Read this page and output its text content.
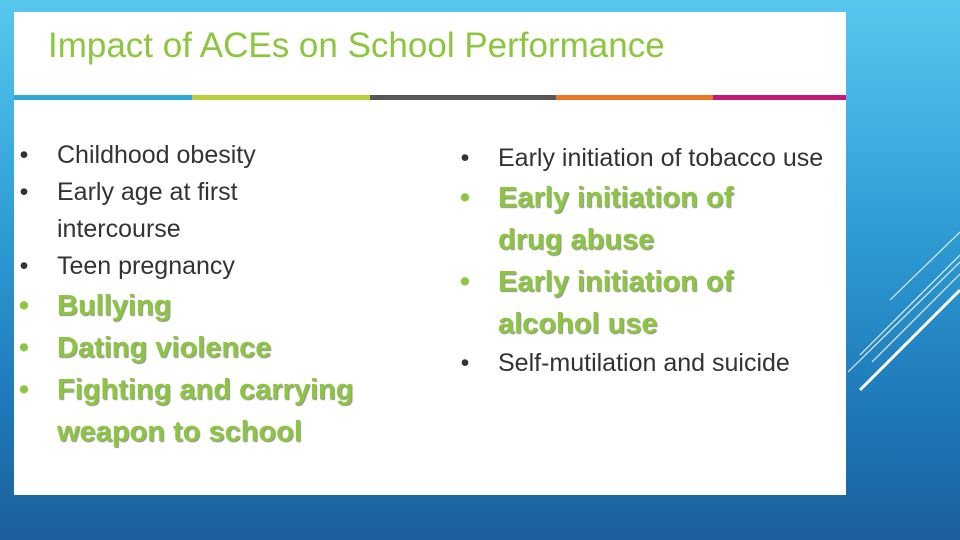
Impact of ACEs on School Performance
• Childhood obesity
• Early age at first intercourse
• Teen pregnancy
• Bullying
• Dating violence
• Fighting and carrying weapon to school
• Early initiation of tobacco use
• Early initiation of drug abuse
• Early initiation of alcohol use
• Self-mutilation and suicide
